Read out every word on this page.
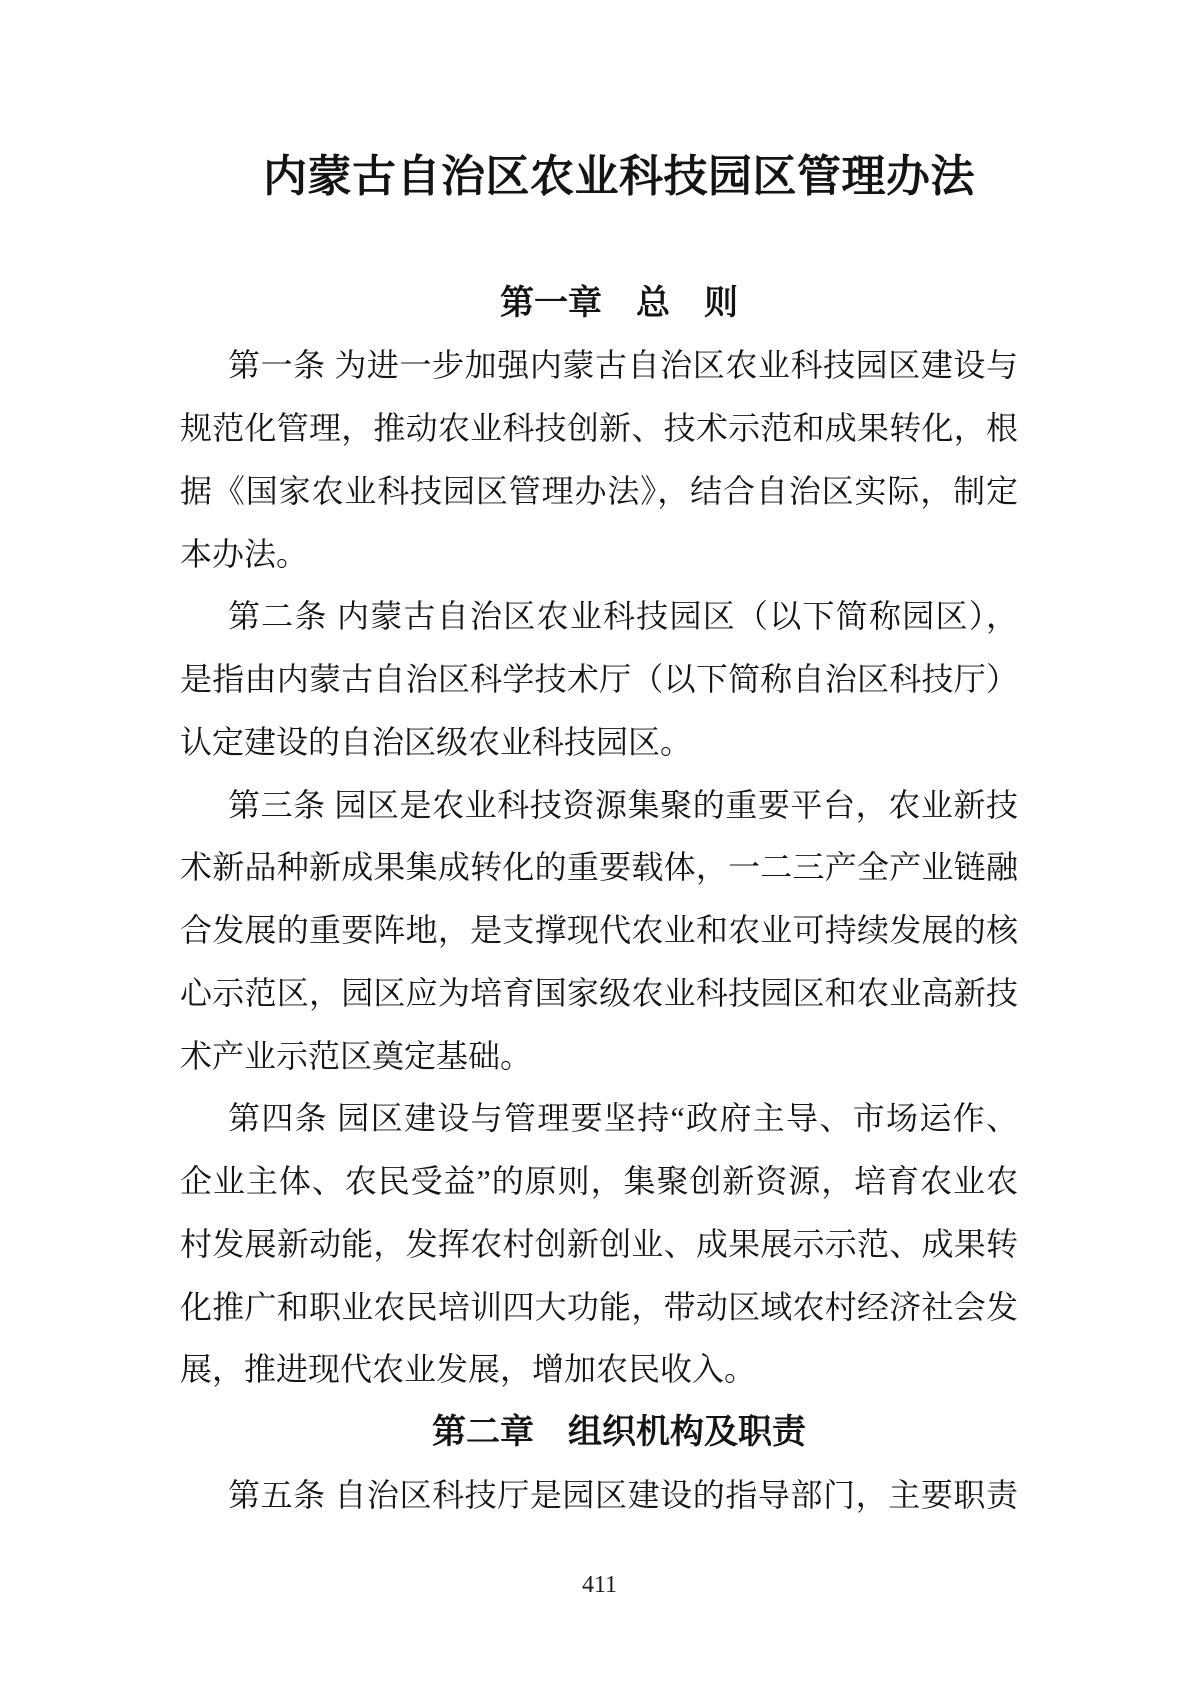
内蒙古自治区农业科技园区管理办法
第一章　总　则
第一条 为进一步加强内蒙古自治区农业科技园区建设与
规范化管理，推动农业科技创新、技术示范和成果转化，根
据《国家农业科技园区管理办法》，结合自治区实际，制定
本办法。
第二条 内蒙古自治区农业科技园区（以下简称园区），
是指由内蒙古自治区科学技术厅（以下简称自治区科技厅）
认定建设的自治区级农业科技园区。
第三条 园区是农业科技资源集聚的重要平台，农业新技
术新品种新成果集成转化的重要载体，一二三产全产业链融
合发展的重要阵地，是支撑现代农业和农业可持续发展的核
心示范区，园区应为培育国家级农业科技园区和农业高新技
术产业示范区奠定基础。
第四条 园区建设与管理要坚持“政府主导、市场运作、
企业主体、农民受益”的原则，集聚创新资源，培育农业农
村发展新动能，发挥农村创新创业、成果展示示范、成果转
化推广和职业农民培训四大功能，带动区域农村经济社会发
展，推进现代农业发展，增加农民收入。
第二章　组织机构及职责
第五条 自治区科技厅是园区建设的指导部门，主要职责
411
